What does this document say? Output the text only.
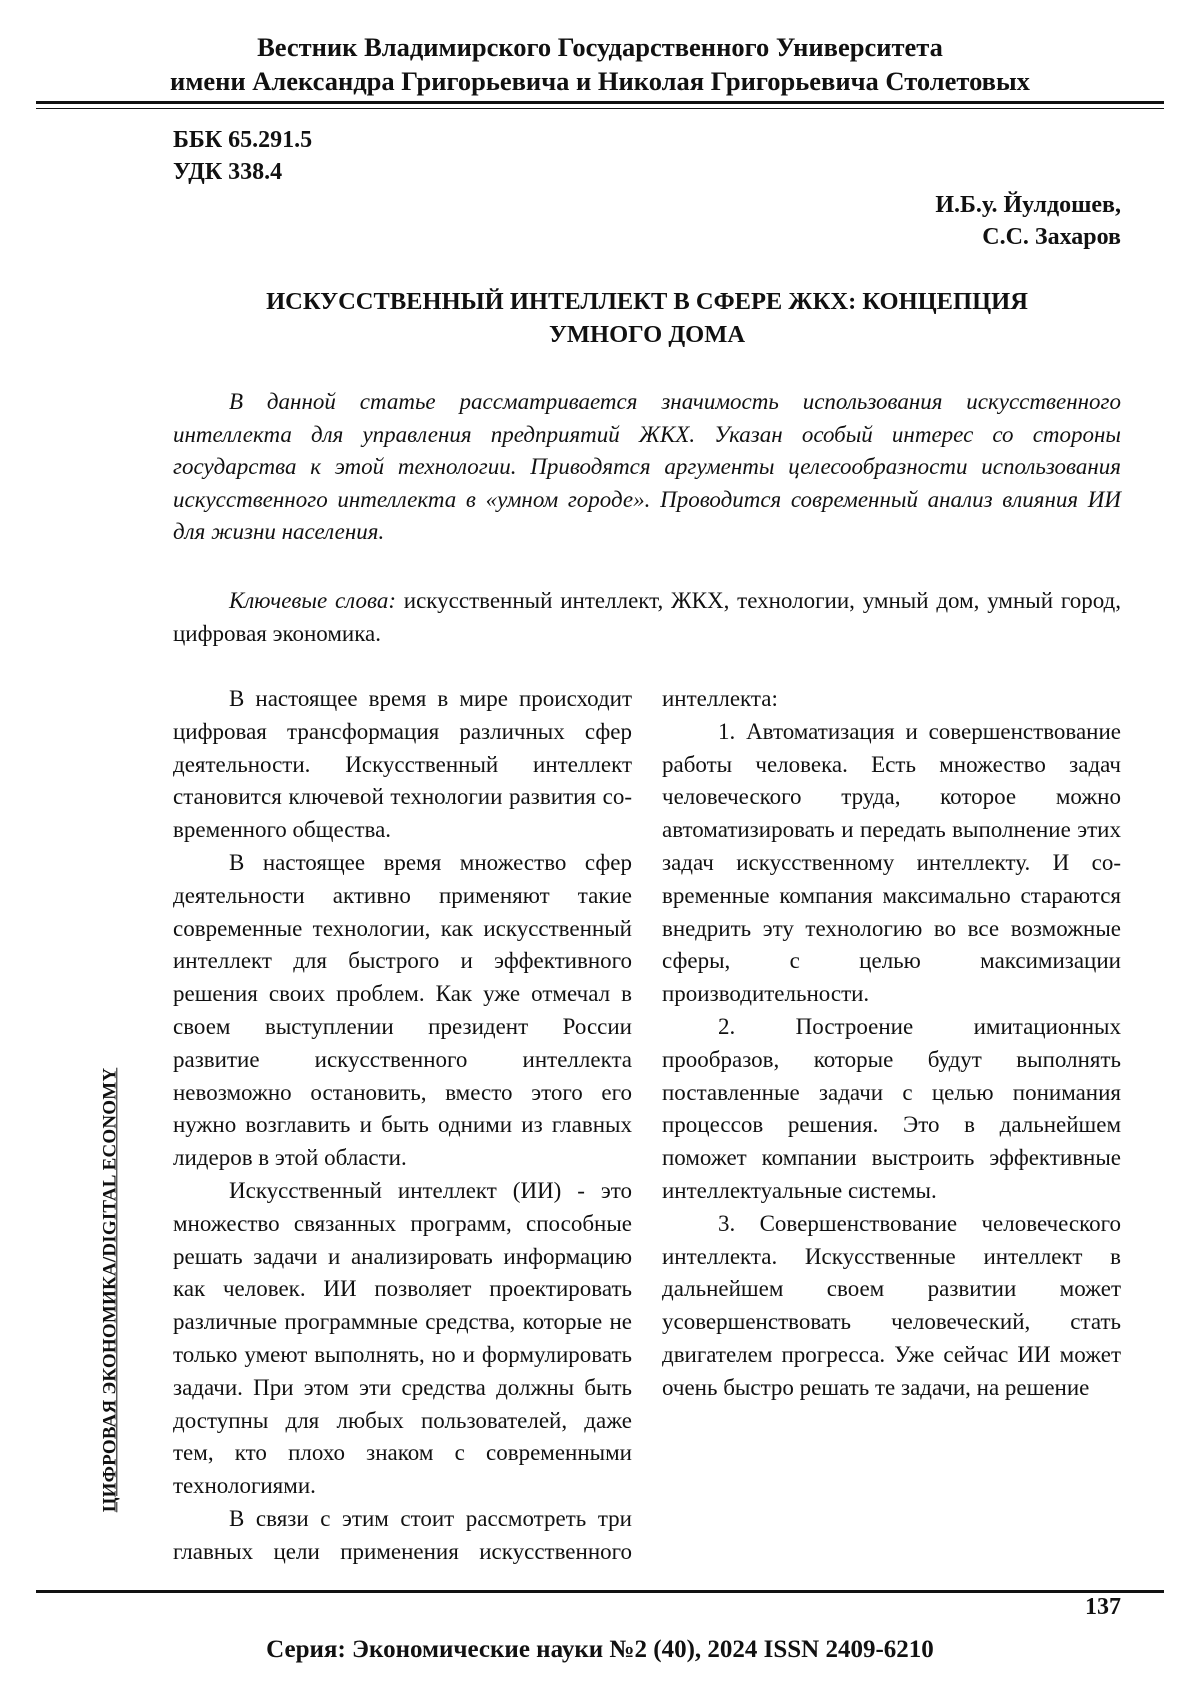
Вестник Владимирского Государственного Университета
имени Александра Григорьевича и Николая Григорьевича Столетовых
ББК 65.291.5
УДК 338.4
И.Б.у. Йулдошев,
С.С. Захаров
ИСКУССТВЕННЫЙ ИНТЕЛЛЕКТ В СФЕРЕ ЖКХ: КОНЦЕПЦИЯ
УМНОГО ДОМА

В данной статье рассматривается значимость использования искусственного интеллекта для управления предприятий ЖКХ. Указан особый интерес со стороны государства к этой технологии. Приводятся аргументы целесообразности использования искусственного интеллекта в «умном городе». Проводится современный анализ влияния ИИ для жизни населения.

Ключевые слова: искусственный интеллект, ЖКХ, технологии, умный дом, умный город, цифровая экономика.

В настоящее время в мире происходит цифровая трансформация различных сфер деятельности. Искусственный интеллект становится ключевой технологии развития современного общества.

В настоящее время множество сфер деятельности активно применяют такие современные технологии, как искусственный интеллект для быстрого и эффективного решения своих проблем. Как уже отмечал в своем выступлении президент России развитие искусственного интеллекта невозможно остановить, вместо этого его нужно возглавить и быть одними из главных лидеров в этой области.

Искусственный интеллект (ИИ) - это множество связанных программ, способные решать задачи и анализировать информацию как человек. ИИ позволяет проектировать различные программные средства, которые не только умеют выполнять, но и формулировать задачи. При этом эти средства должны быть доступны для любых пользователей, даже тем, кто плохо знаком с современными технологиями.

В связи с этим стоит рассмотреть три главных цели применения искусственного интеллекта:

1. Автоматизация и совершенствование работы человека. Есть множество задач человеческого труда, которое можно автоматизировать и передать выполнение этих задач искусственному интеллекту. И современные компания максимально стараются внедрить эту технологию во все возможные сферы, с целью максимизации производительности.

2. Построение имитационных прообразов, которые будут выполнять поставленные задачи с целью понимания процессов решения. Это в дальнейшем поможет компании выстроить эффективные интеллектуальные системы.

3. Совершенствование человеческого интеллекта. Искусственные интеллект в дальнейшем своем развитии может усовершенствовать человеческий, стать двигателем прогресса. Уже сейчас ИИ может очень быстро решать те задачи, на решение

ЦИФРОВАЯ ЭКОНОМИКА/DIGITAL ECONOMY
137
Серия: Экономические науки №2 (40), 2024 ISSN 2409-6210
